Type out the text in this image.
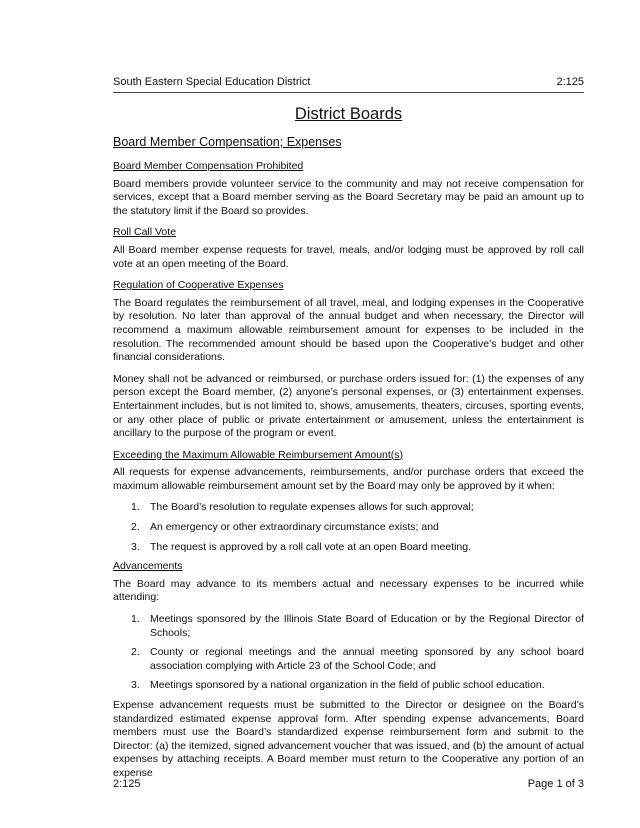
South Eastern Special Education District	2:125
District Boards
Board Member Compensation; Expenses
Board Member Compensation Prohibited

Board members provide volunteer service to the community and may not receive compensation for services, except that a Board member serving as the Board Secretary may be paid an amount up to the statutory limit if the Board so provides.

Roll Call Vote

All Board member expense requests for travel, meals, and/or lodging must be approved by roll call vote at an open meeting of the Board.

Regulation of Cooperative Expenses

The Board regulates the reimbursement of all travel, meal, and lodging expenses in the Cooperative by resolution. No later than approval of the annual budget and when necessary, the Director will recommend a maximum allowable reimbursement amount for expenses to be included in the resolution. The recommended amount should be based upon the Cooperative’s budget and other financial considerations.

Money shall not be advanced or reimbursed, or purchase orders issued for: (1) the expenses of any person except the Board member, (2) anyone’s personal expenses, or (3) entertainment expenses. Entertainment includes, but is not limited to, shows, amusements, theaters, circuses, sporting events, or any other place of public or private entertainment or amusement, unless the entertainment is ancillary to the purpose of the program or event.

Exceeding the Maximum Allowable Reimbursement Amount(s)

All requests for expense advancements, reimbursements, and/or purchase orders that exceed the maximum allowable reimbursement amount set by the Board may only be approved by it when:

1. The Board’s resolution to regulate expenses allows for such approval;
2. An emergency or other extraordinary circumstance exists; and
3. The request is approved by a roll call vote at an open Board meeting.
Advancements

The Board may advance to its members actual and necessary expenses to be incurred while attending:

1. Meetings sponsored by the Illinois State Board of Education or by the Regional Director of Schools;
2. County or regional meetings and the annual meeting sponsored by any school board association complying with Article 23 of the School Code; and
3. Meetings sponsored by a national organization in the field of public school education.

Expense advancement requests must be submitted to the Director or designee on the Board’s standardized estimated expense approval form. After spending expense advancements, Board members must use the Board’s standardized expense reimbursement form and submit to the Director: (a) the itemized, signed advancement voucher that was issued, and (b) the amount of actual expenses by attaching receipts. A Board member must return to the Cooperative any portion of an expense

2:125	Page 1 of 3
